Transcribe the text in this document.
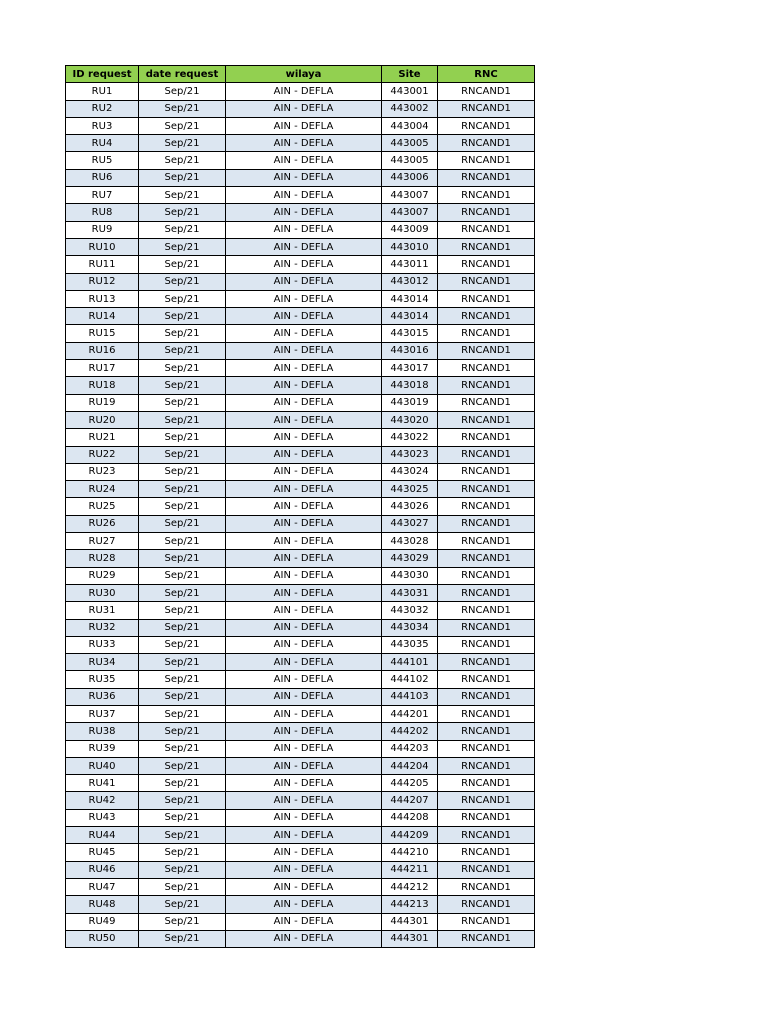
ID request	date request	wilaya	Site	RNC
RU1	Sep/21	AIN - DEFLA	443001	RNCAND1
RU2	Sep/21	AIN - DEFLA	443002	RNCAND1
RU3	Sep/21	AIN - DEFLA	443004	RNCAND1
RU4	Sep/21	AIN - DEFLA	443005	RNCAND1
RU5	Sep/21	AIN - DEFLA	443005	RNCAND1
RU6	Sep/21	AIN - DEFLA	443006	RNCAND1
RU7	Sep/21	AIN - DEFLA	443007	RNCAND1
RU8	Sep/21	AIN - DEFLA	443007	RNCAND1
RU9	Sep/21	AIN - DEFLA	443009	RNCAND1
RU10	Sep/21	AIN - DEFLA	443010	RNCAND1
RU11	Sep/21	AIN - DEFLA	443011	RNCAND1
RU12	Sep/21	AIN - DEFLA	443012	RNCAND1
RU13	Sep/21	AIN - DEFLA	443014	RNCAND1
RU14	Sep/21	AIN - DEFLA	443014	RNCAND1
RU15	Sep/21	AIN - DEFLA	443015	RNCAND1
RU16	Sep/21	AIN - DEFLA	443016	RNCAND1
RU17	Sep/21	AIN - DEFLA	443017	RNCAND1
RU18	Sep/21	AIN - DEFLA	443018	RNCAND1
RU19	Sep/21	AIN - DEFLA	443019	RNCAND1
RU20	Sep/21	AIN - DEFLA	443020	RNCAND1
RU21	Sep/21	AIN - DEFLA	443022	RNCAND1
RU22	Sep/21	AIN - DEFLA	443023	RNCAND1
RU23	Sep/21	AIN - DEFLA	443024	RNCAND1
RU24	Sep/21	AIN - DEFLA	443025	RNCAND1
RU25	Sep/21	AIN - DEFLA	443026	RNCAND1
RU26	Sep/21	AIN - DEFLA	443027	RNCAND1
RU27	Sep/21	AIN - DEFLA	443028	RNCAND1
RU28	Sep/21	AIN - DEFLA	443029	RNCAND1
RU29	Sep/21	AIN - DEFLA	443030	RNCAND1
RU30	Sep/21	AIN - DEFLA	443031	RNCAND1
RU31	Sep/21	AIN - DEFLA	443032	RNCAND1
RU32	Sep/21	AIN - DEFLA	443034	RNCAND1
RU33	Sep/21	AIN - DEFLA	443035	RNCAND1
RU34	Sep/21	AIN - DEFLA	444101	RNCAND1
RU35	Sep/21	AIN - DEFLA	444102	RNCAND1
RU36	Sep/21	AIN - DEFLA	444103	RNCAND1
RU37	Sep/21	AIN - DEFLA	444201	RNCAND1
RU38	Sep/21	AIN - DEFLA	444202	RNCAND1
RU39	Sep/21	AIN - DEFLA	444203	RNCAND1
RU40	Sep/21	AIN - DEFLA	444204	RNCAND1
RU41	Sep/21	AIN - DEFLA	444205	RNCAND1
RU42	Sep/21	AIN - DEFLA	444207	RNCAND1
RU43	Sep/21	AIN - DEFLA	444208	RNCAND1
RU44	Sep/21	AIN - DEFLA	444209	RNCAND1
RU45	Sep/21	AIN - DEFLA	444210	RNCAND1
RU46	Sep/21	AIN - DEFLA	444211	RNCAND1
RU47	Sep/21	AIN - DEFLA	444212	RNCAND1
RU48	Sep/21	AIN - DEFLA	444213	RNCAND1
RU49	Sep/21	AIN - DEFLA	444301	RNCAND1
RU50	Sep/21	AIN - DEFLA	444301	RNCAND1
